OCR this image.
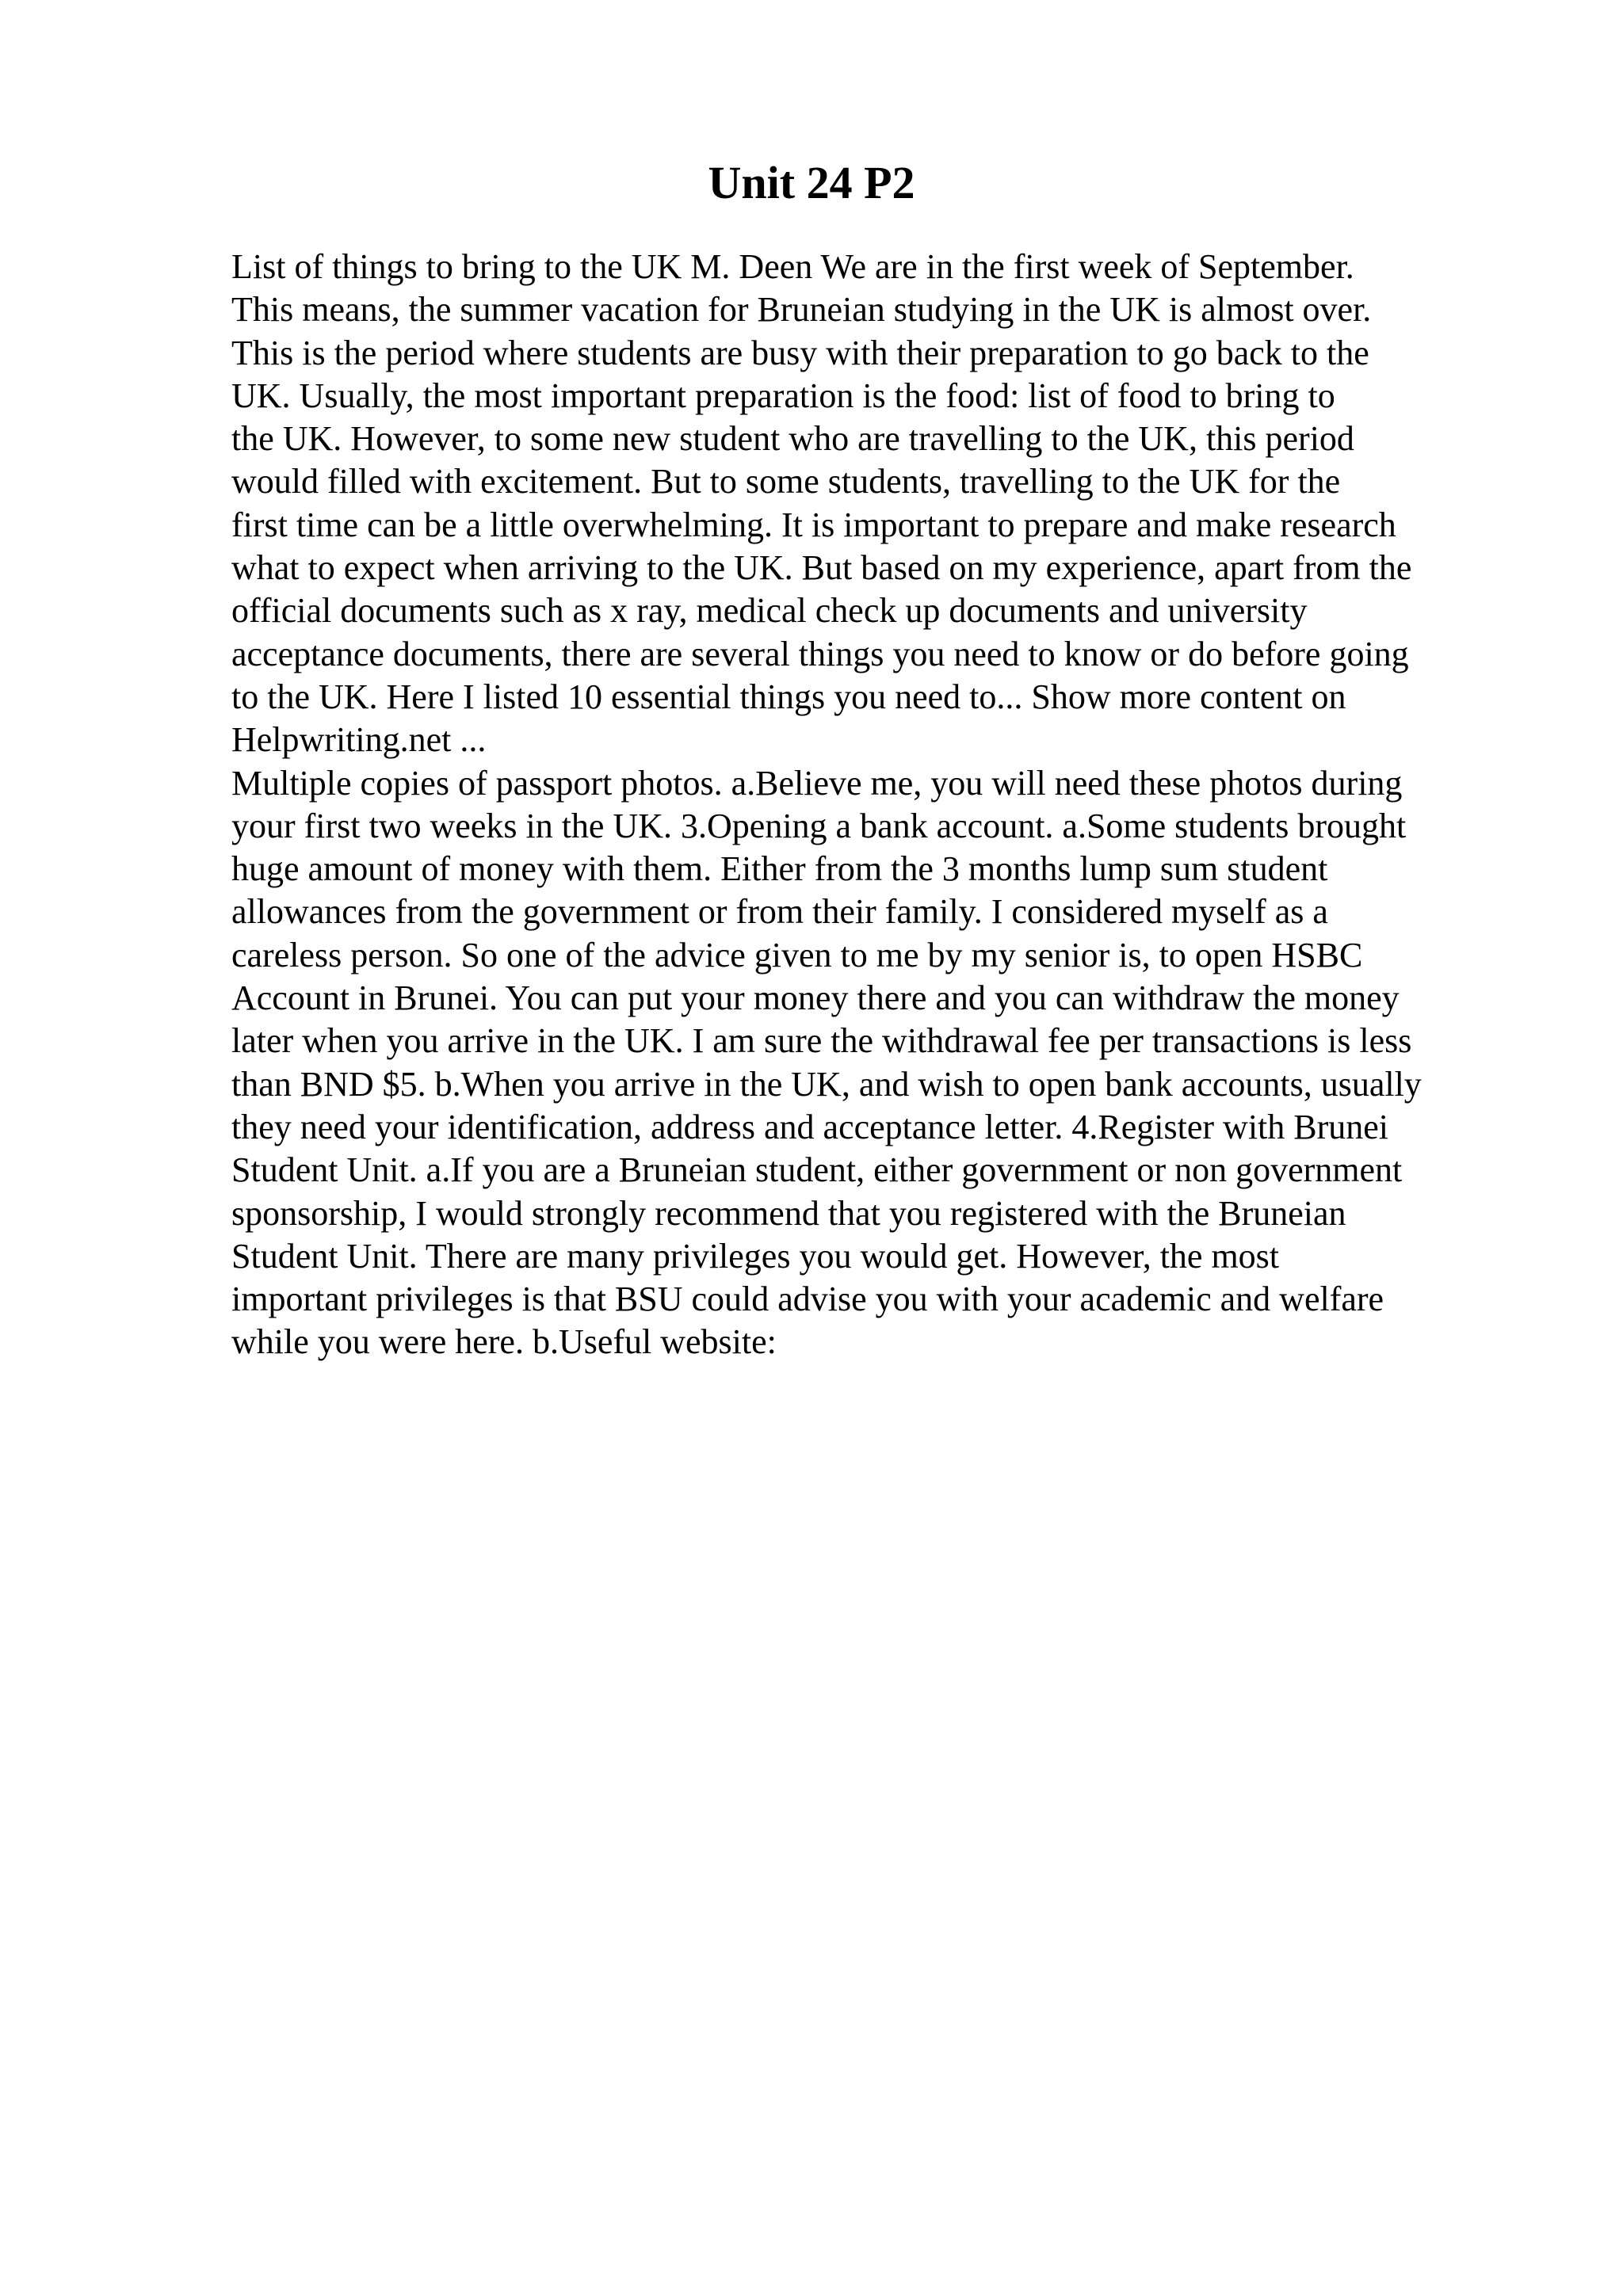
Unit 24 P2

List of things to bring to the UK M. Deen We are in the first week of September.
This means, the summer vacation for Bruneian studying in the UK is almost over.
This is the period where students are busy with their preparation to go back to the
UK. Usually, the most important preparation is the food: list of food to bring to
the UK. However, to some new student who are travelling to the UK, this period
would filled with excitement. But to some students, travelling to the UK for the
first time can be a little overwhelming. It is important to prepare and make research
what to expect when arriving to the UK. But based on my experience, apart from the
official documents such as x ray, medical check up documents and university
acceptance documents, there are several things you need to know or do before going
to the UK. Here I listed 10 essential things you need to... Show more content on
Helpwriting.net ...

Multiple copies of passport photos. a.Believe me, you will need these photos during
your first two weeks in the UK. 3.Opening a bank account. a.Some students brought
huge amount of money with them. Either from the 3 months lump sum student
allowances from the government or from their family. I considered myself as a
careless person. So one of the advice given to me by my senior is, to open HSBC
Account in Brunei. You can put your money there and you can withdraw the money
later when you arrive in the UK. I am sure the withdrawal fee per transactions is less
than BND $5. b.When you arrive in the UK, and wish to open bank accounts, usually
they need your identification, address and acceptance letter. 4.Register with Brunei
Student Unit. a.If you are a Bruneian student, either government or non government
sponsorship, I would strongly recommend that you registered with the Bruneian
Student Unit. There are many privileges you would get. However, the most
important privileges is that BSU could advise you with your academic and welfare
while you were here. b.Useful website:
